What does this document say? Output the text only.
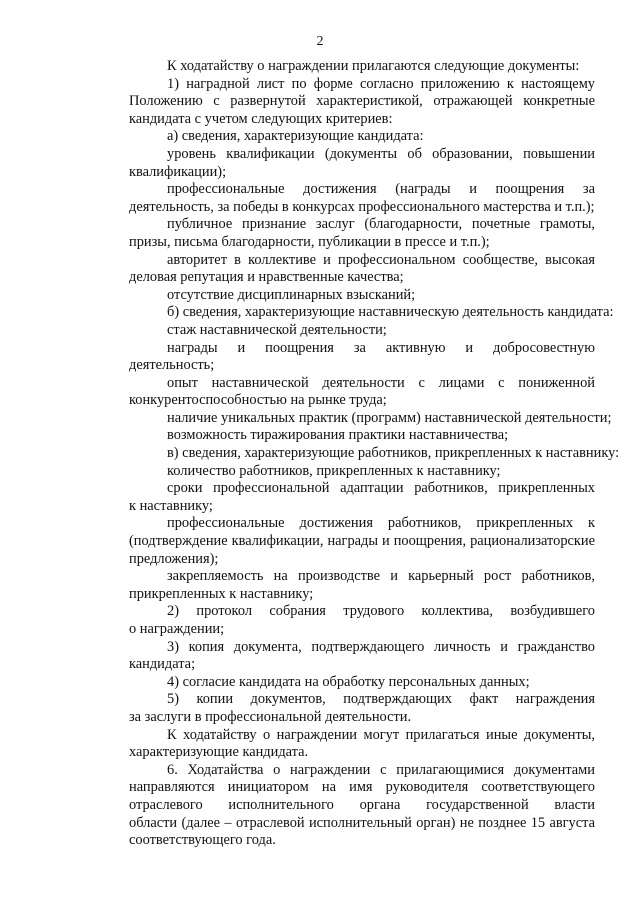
2
К ходатайству о награждении прилагаются следующие документы:
1) наградной лист по форме согласно приложению к настоящему
Положению с развернутой характеристикой, отражающей конкретные
кандидата с учетом следующих критериев:
а) сведения, характеризующие кандидата:
уровень квалификации (документы об образовании, повышении
квалификации);
профессиональные достижения (награды и поощрения за
деятельность, за победы в конкурсах профессионального мастерства и т.п.);
публичное признание заслуг (благодарности, почетные грамоты,
призы, письма благодарности, публикации в прессе и т.п.);
авторитет в коллективе и профессиональном сообществе, высокая
деловая репутация и нравственные качества;
отсутствие дисциплинарных взысканий;
б) сведения, характеризующие наставническую деятельность кандидата:
стаж наставнической деятельности;
награды и поощрения за активную и добросовестную
деятельность;
опыт наставнической деятельности с лицами с пониженной
конкурентоспособностью на рынке труда;
наличие уникальных практик (программ) наставнической деятельности;
возможность тиражирования практики наставничества;
в) сведения, характеризующие работников, прикрепленных к наставнику:
количество работников, прикрепленных к наставнику;
сроки профессиональной адаптации работников, прикрепленных
к наставнику;
профессиональные достижения работников, прикрепленных к
(подтверждение квалификации, награды и поощрения, рационализаторские
предложения);
закрепляемость на производстве и карьерный рост работников,
прикрепленных к наставнику;
2) протокол собрания трудового коллектива, возбудившего
о награждении;
3) копия документа, подтверждающего личность и гражданство
кандидата;
4) согласие кандидата на обработку персональных данных;
5) копии документов, подтверждающих факт награждения
за заслуги в профессиональной деятельности.
К ходатайству о награждении могут прилагаться иные документы,
характеризующие кандидата.
6. Ходатайства о награждении с прилагающимися документами
направляются инициатором на имя руководителя соответствующего
отраслевого исполнительного органа государственной власти
области (далее – отраслевой исполнительный орган) не позднее 15 августа
соответствующего года.
